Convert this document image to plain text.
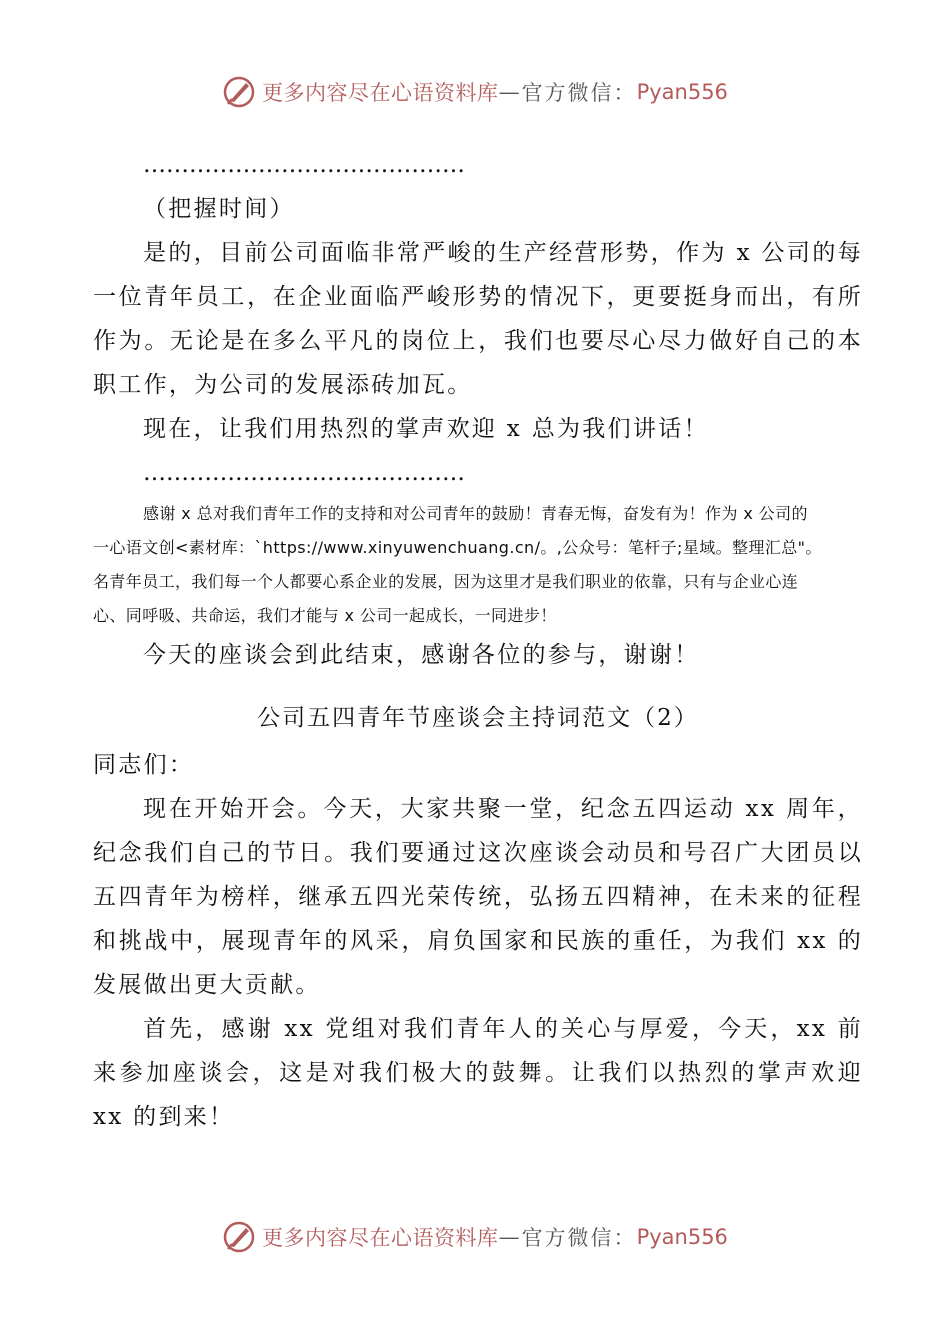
更多内容尽在心语资料库 — 官方微信： Pyan556

……………………………………

（把握时间）

是的，目前公司面临非常严峻的生产经营形势，作为 x 公司的每一位青年员工，在企业面临严峻形势的情况下，更要挺身而出，有所作为。无论是在多么平凡的岗位上，我们也要尽心尽力做好自己的本职工作，为公司的发展添砖加瓦。

现在，让我们用热烈的掌声欢迎 x 总为我们讲话！

……………………………………

感谢 x 总对我们青年工作的支持和对公司青年的鼓励！青春无悔，奋发有为！作为 x 公司的

一心语文创<素材库：`https://www.xinyuwenchuang.cn/。,公众号：笔杆子;星域。整理汇总"。

名青年员工，我们每一个人都要心系企业的发展，因为这里才是我们职业的依靠，只有与企业心连

心、同呼吸、共命运，我们才能与 x 公司一起成长，一同进步！

今天的座谈会到此结束，感谢各位的参与，谢谢！

公司五四青年节座谈会主持词范文（2）

同志们：

现在开始开会。今天，大家共聚一堂，纪念五四运动 xx 周年，纪念我们自己的节日。我们要通过这次座谈会动员和号召广大团员以五四青年为榜样，继承五四光荣传统，弘扬五四精神，在未来的征程和挑战中，展现青年的风采，肩负国家和民族的重任，为我们 xx 的发展做出更大贡献。

首先，感谢 xx 党组对我们青年人的关心与厚爱，今天，xx 前来参加座谈会，这是对我们极大的鼓舞。让我们以热烈的掌声欢迎 xx 的到来！

更多内容尽在心语资料库 — 官方微信： Pyan556
